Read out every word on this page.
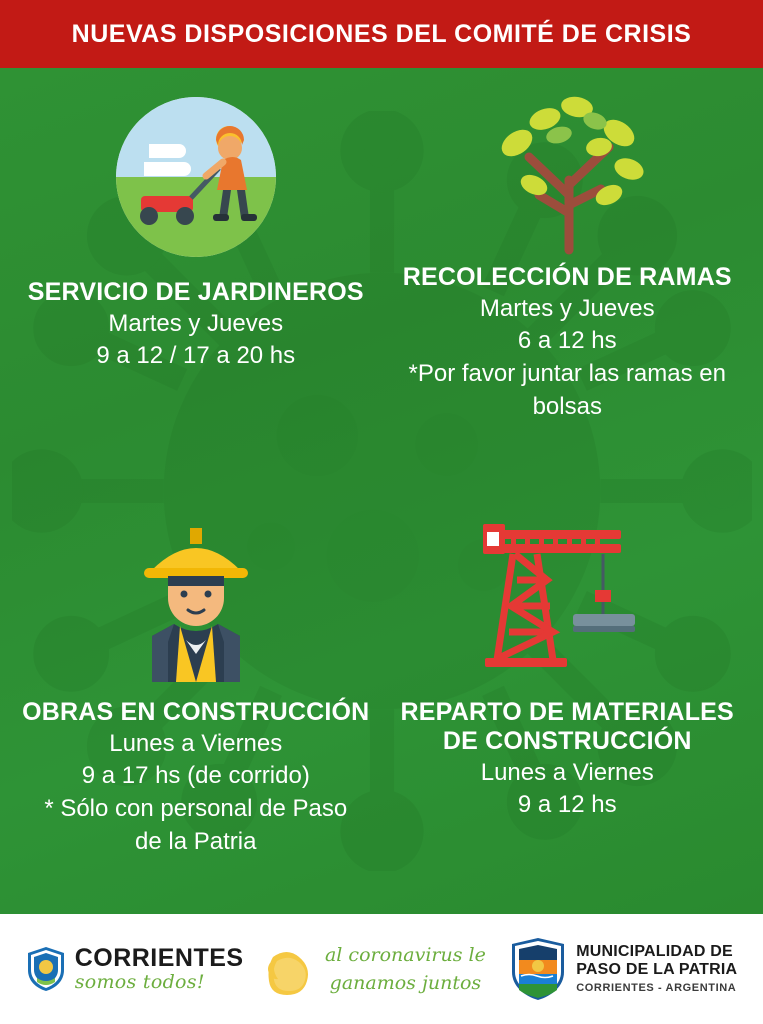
NUEVAS DISPOSICIONES DEL COMITÉ DE CRISIS
SERVICIO DE JARDINEROS
Martes y Jueves
9 a 12 / 17 a 20 hs
RECOLECCIÓN DE RAMAS
Martes y Jueves
6 a 12 hs
*Por favor juntar las ramas en
bolsas
OBRAS EN CONSTRUCCIÓN
Lunes a Viernes
9 a 17 hs (de corrido)
* Sólo con personal de Paso
de la Patria
REPARTO DE MATERIALES DE CONSTRUCCIÓN
Lunes a Viernes
9 a 12 hs
CORRIENTES
somos todos!
al coronavirus le
ganamos juntos
MUNICIPALIDAD DE
PASO DE LA PATRIA
CORRIENTES - ARGENTINA
